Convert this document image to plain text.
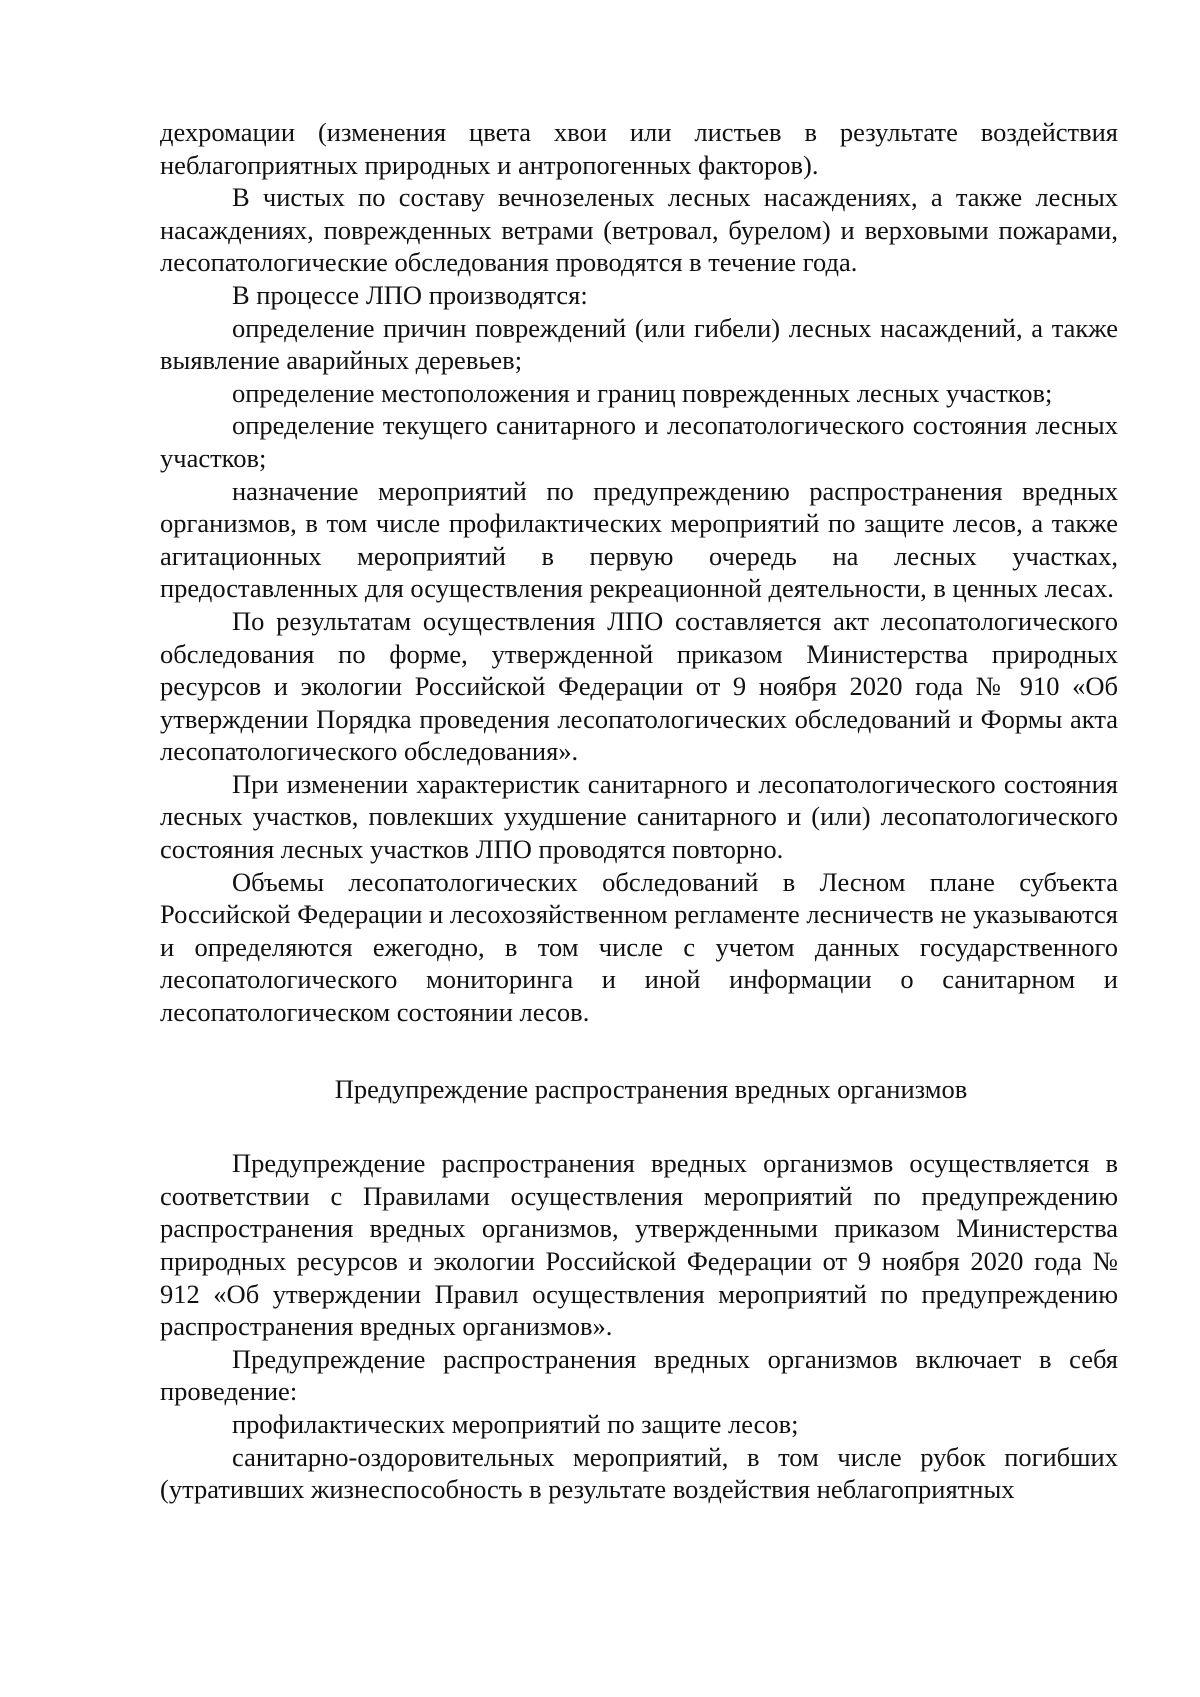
дехромации (изменения цвета хвои или листьев в результате воздействия неблагоприятных природных и антропогенных факторов).

В чистых по составу вечнозеленых лесных насаждениях, а также лесных насаждениях, поврежденных ветрами (ветровал, бурелом) и верховыми пожарами, лесопатологические обследования проводятся в течение года.

В процессе ЛПО производятся:

определение причин повреждений (или гибели) лесных насаждений, а также выявление аварийных деревьев;

определение местоположения и границ поврежденных лесных участков;

определение текущего санитарного и лесопатологического состояния лесных участков;

назначение мероприятий по предупреждению распространения вредных организмов, в том числе профилактических мероприятий по защите лесов, а также агитационных мероприятий в первую очередь на лесных участках, предоставленных для осуществления рекреационной деятельности, в ценных лесах.

По результатам осуществления ЛПО составляется акт лесопатологического обследования по форме, утвержденной приказом Министерства природных ресурсов и экологии Российской Федерации от 9 ноября 2020 года № 910 «Об утверждении Порядка проведения лесопатологических обследований и Формы акта лесопатологического обследования».

При изменении характеристик санитарного и лесопатологического состояния лесных участков, повлекших ухудшение санитарного и (или) лесопатологического состояния лесных участков ЛПО проводятся повторно.

Объемы лесопатологических обследований в Лесном плане субъекта Российской Федерации и лесохозяйственном регламенте лесничеств не указываются и определяются ежегодно, в том числе с учетом данных государственного лесопатологического мониторинга и иной информации о санитарном и лесопатологическом состоянии лесов.

Предупреждение распространения вредных организмов

Предупреждение распространения вредных организмов осуществляется в соответствии с Правилами осуществления мероприятий по предупреждению распространения вредных организмов, утвержденными приказом Министерства природных ресурсов и экологии Российской Федерации от 9 ноября 2020 года № 912 «Об утверждении Правил осуществления мероприятий по предупреждению распространения вредных организмов».

Предупреждение распространения вредных организмов включает в себя проведение:

профилактических мероприятий по защите лесов;

санитарно-оздоровительных мероприятий, в том числе рубок погибших (утративших жизнеспособность в результате воздействия неблагоприятных
